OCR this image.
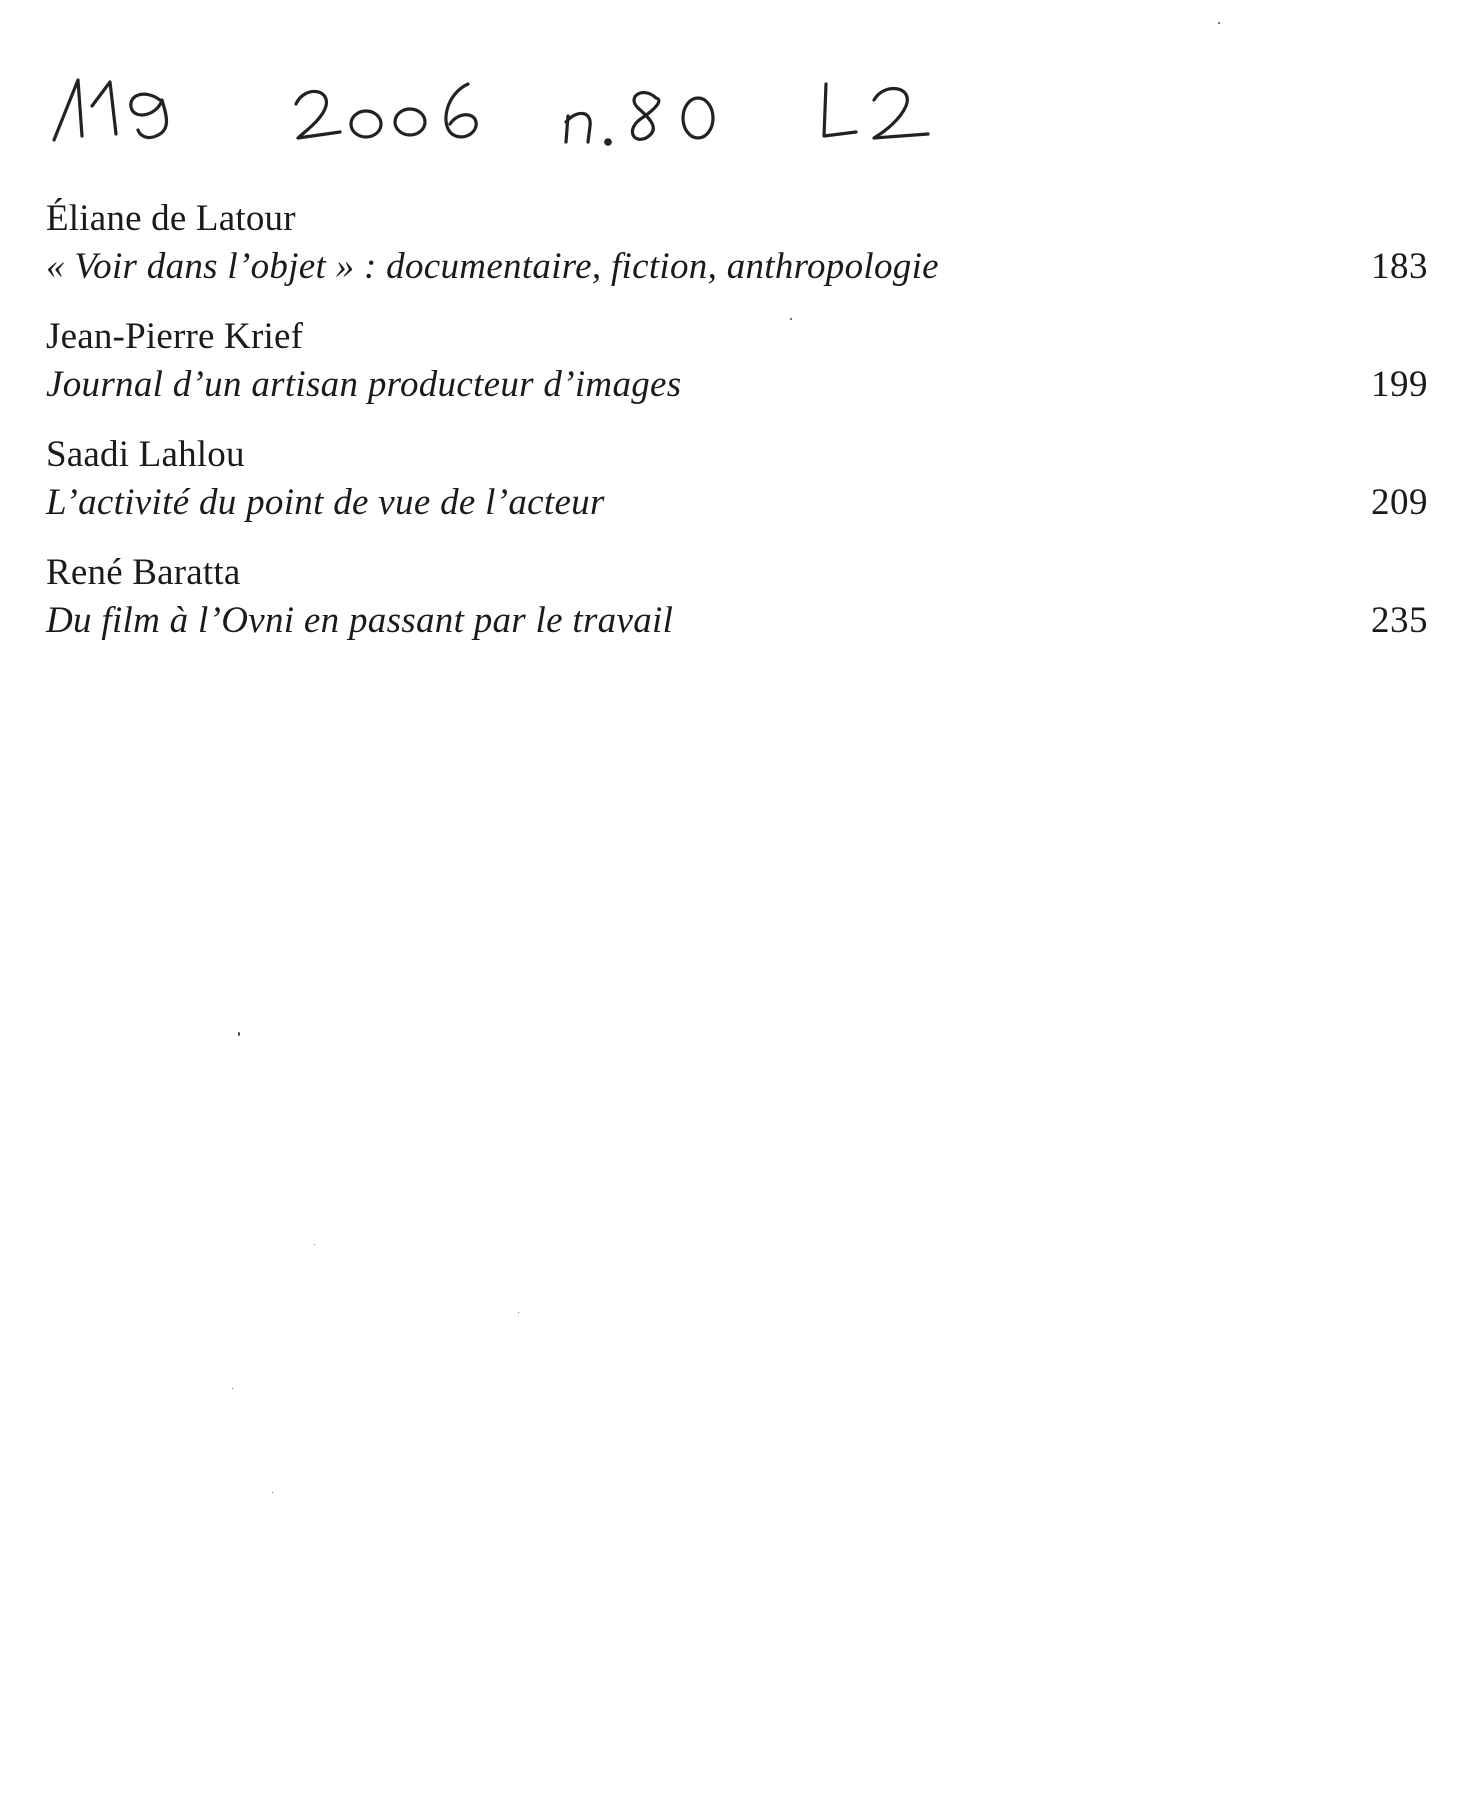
Éliane de Latour
« Voir dans l’objet » : documentaire, fiction, anthropologie	183
Jean-Pierre Krief
Journal d’un artisan producteur d’images	199
Saadi Lahlou
L’activité du point de vue de l’acteur	209
René Baratta
Du film à l’Ovni en passant par le travail	235
